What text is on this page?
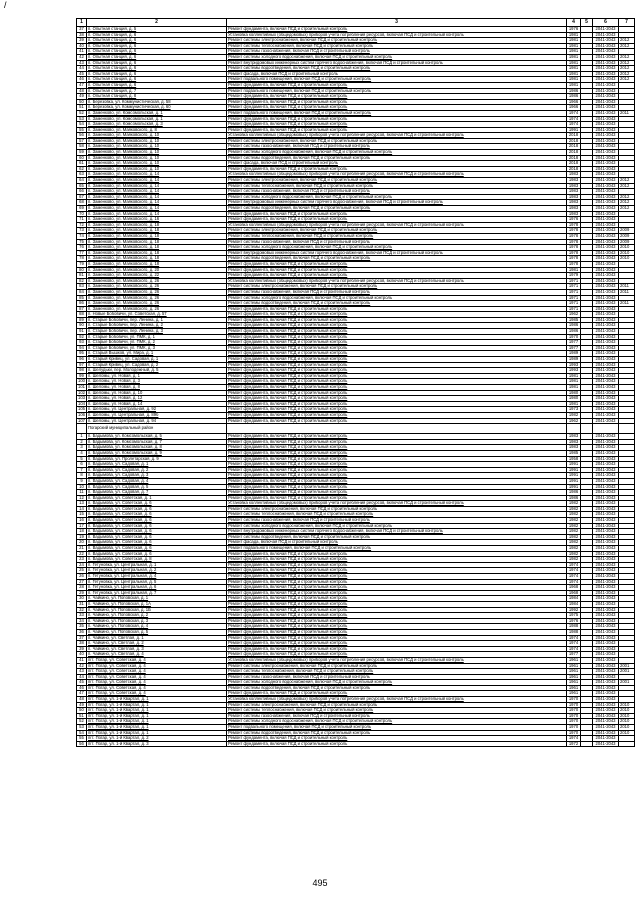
/
1	2	3	4	5	6	7
37	п. Опытная станция, д. 5	Ремонт фундамента, включая ПСД и строительный контроль	1976		2041-2043	
38	п. Опытная станция, д. 6	Установка коллективных (общедомовых) приборов учета потребления ресурсов, включая ПСД и строительный контроль	1981		2041-2043	
39	п. Опытная станция, д. 6	Ремонт системы электроснабжения, включая ПСД и строительный контроль	1981		2041-2043	2012
40	п. Опытная станция, д. 6	Ремонт системы теплоснабжения, включая ПСД и строительный контроль	1981		2041-2043	2012
41	п. Опытная станция, д. 6	Ремонт системы газоснабжения, включая ПСД и строительный контроль	1981		2041-2043	
42	п. Опытная станция, д. 6	Ремонт системы холодного водоснабжения, включая ПСД и строительный контроль	1981		2041-2043	2012
43	п. Опытная станция, д. 6	Ремонт внутридомовых инженерных систем горячего водоснабжения, включая ПСД и строительный контроль	1981		2041-2043	2012
44	п. Опытная станция, д. 6	Ремонт системы водоотведения, включая ПСД и строительный контроль	1981		2041-2043	2012
45	п. Опытная станция, д. 6	Ремонт фасада, включая ПСД и строительный контроль	1981		2041-2043	2012
46	п. Опытная станция, д. 6	Ремонт подвального помещения, включая ПСД и строительный контроль	1981		2041-2043	2012
47	п. Опытная станция, д. 6	Ремонт фундамента, включая ПСД и строительный контроль	1981		2041-2043	
48	п. Опытная станция, д. 7	Ремонт подвального помещения, включая ПСД и строительный контроль	1986		2041-2043	
49	п. Опытная станция, д. 8	Ремонт фундамента, включая ПСД и строительный контроль	1986		2041-2043	
50	п. Березовка, ул. Коммунистическая, д. 58	Ремонт фундамента, включая ПСД и строительный контроль	1966		2041-2043	
51	п. Березовка, ул. Коммунистическая, д. 60	Ремонт фундамента, включая ПСД и строительный контроль	1966		2041-2043	
52	п. Заменково, ул. Комсомольская, д. 1	Ремонт подвального помещения, включая ПСД и строительный контроль	1974		2041-2043	2011
53	п. Заменково, ул. Комсомольская, д. 1	Ремонт фундамента, включая ПСД и строительный контроль	1974		2041-2043	
54	п. Заменково, ул. Комсомольская, д. 3	Ремонт фундамента, включая ПСД и строительный контроль	1974		2041-2043	
55	п. Заменково, ул. Маяковского, д. 8	Ремонт фундамента, включая ПСД и строительный контроль	1991		2041-2043	
56	п. Заменково, ул. Маяковского, д. 10	Установка коллективных (общедомовых) приборов учета потребления ресурсов, включая ПСД и строительный контроль	2018		2041-2043	
57	п. Заменково, ул. Маяковского, д. 10	Ремонт системы электроснабжения, включая ПСД и строительный контроль	2018		2041-2043	
58	п. Заменково, ул. Маяковского, д. 10	Ремонт системы газоснабжения, включая ПСД и строительный контроль	2018		2041-2043	
59	п. Заменково, ул. Маяковского, д. 10	Ремонт системы холодного водоснабжения, включая ПСД и строительный контроль	2018		2041-2043	
60	п. Заменково, ул. Маяковского, д. 10	Ремонт системы водоотведения, включая ПСД и строительный контроль	2018		2041-2043	
61	п. Заменково, ул. Маяковского, д. 10	Ремонт фасада, включая ПСД и строительный контроль	2018		2041-2043	
62	п. Заменково, ул. Маяковского, д. 10	Ремонт фундамента, включая ПСД и строительный контроль	2018		2041-2043	
63	п. Заменково, ул. Маяковского, д. 14	Установка коллективных (общедомовых) приборов учета потребления ресурсов, включая ПСД и строительный контроль	1983		2041-2043	
64	п. Заменково, ул. Маяковского, д. 14	Ремонт системы электроснабжения, включая ПСД и строительный контроль	1983		2041-2043	2012
65	п. Заменково, ул. Маяковского, д. 14	Ремонт системы теплоснабжения, включая ПСД и строительный контроль	1983		2041-2043	2012
66	п. Заменково, ул. Маяковского, д. 14	Ремонт системы газоснабжения, включая ПСД и строительный контроль	1983		2041-2043	
67	п. Заменково, ул. Маяковского, д. 14	Ремонт системы холодного водоснабжения, включая ПСД и строительный контроль	1983		2041-2043	2012
68	п. Заменково, ул. Маяковского, д. 14	Ремонт внутридомовых инженерных систем горячего водоснабжения, включая ПСД и строительный контроль	1983		2041-2043	2012
69	п. Заменково, ул. Маяковского, д. 14	Ремонт системы водоотведения, включая ПСД и строительный контроль	1983		2041-2043	2012
70	п. Заменково, ул. Маяковского, д. 14	Ремонт фундамента, включая ПСД и строительный контроль	1983		2041-2043	
71	п. Заменково, ул. Маяковского, д. 16	Ремонт фундамента, включая ПСД и строительный контроль	1976		2041-2043	
72	п. Заменково, ул. Маяковского, д. 18	Установка коллективных (общедомовых) приборов учета потребления ресурсов, включая ПСД и строительный контроль	1978		2041-2043	
73	п. Заменково, ул. Маяковского, д. 18	Ремонт системы электроснабжения, включая ПСД и строительный контроль	1978		2041-2043	2009
74	п. Заменково, ул. Маяковского, д. 18	Ремонт системы теплоснабжения, включая ПСД и строительный контроль	1978		2041-2043	2009
75	п. Заменково, ул. Маяковского, д. 18	Ремонт системы газоснабжения, включая ПСД и строительный контроль	1978		2041-2043	2009
76	п. Заменково, ул. Маяковского, д. 18	Ремонт системы холодного водоснабжения, включая ПСД и строительный контроль	1978		2041-2043	2010
77	п. Заменково, ул. Маяковского, д. 18	Ремонт внутридомовых инженерных систем горячего водоснабжения, включая ПСД и строительный контроль	1978		2041-2043	2010
78	п. Заменково, ул. Маяковского, д. 18	Ремонт системы водоотведения, включая ПСД и строительный контроль	1978		2041-2043	2010
79	п. Заменково, ул. Маяковского, д. 18	Ремонт фундамента, включая ПСД и строительный контроль	1978		2041-2043	
80	п. Заменково, ул. Маяковского, д. 20	Ремонт фундамента, включая ПСД и строительный контроль	1981		2041-2043	
81	п. Заменково, ул. Маяковского, д. 22	Ремонт фундамента, включая ПСД и строительный контроль	1979		2041-2043	
82	п. Заменково, ул. Маяковского, д. 26	Установка коллективных (общедомовых) приборов учета потребления ресурсов, включая ПСД и строительный контроль	1971		2041-2043	
83	п. Заменково, ул. Маяковского, д. 26	Ремонт системы электроснабжения, включая ПСД и строительный контроль	1971		2041-2043	2011
84	п. Заменково, ул. Маяковского, д. 26	Ремонт системы газоснабжения, включая ПСД и строительный контроль	1971		2041-2043	2011
85	п. Заменково, ул. Маяковского, д. 26	Ремонт системы холодного водоснабжения, включая ПСД и строительный контроль	1971		2041-2043	
86	п. Заменково, ул. Маяковского, д. 26	Ремонт системы водоотведения, включая ПСД и строительный контроль	1971		2041-2043	2011
87	п. Заменково, ул. Маяковского, д. 26	Ремонт фундамента, включая ПСД и строительный контроль	1971		2041-2043	
88	п. Новые Бобовичи, ул. Советская, д. 57	Ремонт фундамента, включая ПСД и строительный контроль	1962		2041-2043	
89	п. Старые Бобовичи, пер. Ленина, д. 1	Ремонт фундамента, включая ПСД и строительный контроль	1985		2041-2043	
90	п. Старые Бобовичи, пер. Ленина, д. 2	Ремонт фундамента, включая ПСД и строительный контроль	1986		2041-2043	
91	п. Старые Бобовичи, пер. Ленина, д. 3	Ремонт фундамента, включая ПСД и строительный контроль	1986		2041-2043	
92	п. Старые Бобовичи, ул. ПМК, д. 1	Ремонт фундамента, включая ПСД и строительный контроль	1970		2041-2043	
93	п. Старые Бобовичи, ул. ПМК, д. 2	Ремонт фундамента, включая ПСД и строительный контроль	1977		2041-2043	
94	п. Старые Бобовичи, ул. ПМК, д. 3	Ремонт фундамента, включая ПСД и строительный контроль	1977		2041-2043	
95	п. Старый Вышков, ул. Мира, д. 1	Ремонт фундамента, включая ПСД и строительный контроль	1989		2041-2043	
96	п. Старый Кривец, ул. Садовая, д. 1	Ремонт фундамента, включая ПСД и строительный контроль	1989		2041-2043	
97	п. Старый Кривец, ул. Садовая, д. 2	Ремонт фундамента, включая ПСД и строительный контроль	1993		2041-2043	
98	п. Шелудьки, пер. Молодежный, д. 5	Ремонт фундамента, включая ПСД и строительный контроль	1993		2041-2043	
99	п. Шеломы, ул. Новая, д. 1	Ремонт фундамента, включая ПСД и строительный контроль	1981		2041-2043	
100	п. Шеломы, ул. Новая, д. 3	Ремонт фундамента, включая ПСД и строительный контроль	1981		2041-2043	
101	п. Шеломы, ул. Новая, д. 8	Ремонт фундамента, включая ПСД и строительный контроль	1981		2041-2043	
102	п. Шеломы, ул. Новая, д. 10	Ремонт фундамента, включая ПСД и строительный контроль	1980		2041-2043	
103	п. Шеломы, ул. Новая, д. 12	Ремонт фундамента, включая ПСД и строительный контроль	1980		2041-2043	
104	п. Шеломы, ул. Новая, д. 14	Ремонт фундамента, включая ПСД и строительный контроль	1981		2041-2043	
105	п. Шеломы, ул. Центральная, д. 92	Ремонт фундамента, включая ПСД и строительный контроль	1973		2041-2043	
106	п. Шеломы, ул. Центральная, д. 89б	Ремонт фундамента, включая ПСД и строительный контроль	1982		2041-2043	
107	п. Шеломы, ул. Центральная, д. 94	Ремонт фундамента, включая ПСД и строительный контроль	1962		2041-2043	
	Погарский муниципальный район					
1	п. Бадымова, ул. Комсомольская, д. 5	Ремонт фундамента, включая ПСД и строительный контроль	1983		2041-2043	
2	п. Бадымова, ул. Комсомольская, д. 7	Ремонт фундамента, включая ПСД и строительный контроль	1983		2041-2043	
3	п. Бадымова, ул. Комсомольская, д. 8	Ремонт фундамента, включая ПСД и строительный контроль	1983		2041-2043	
4	п. Бадымова, ул. Комсомольская, д. 9	Ремонт фундамента, включая ПСД и строительный контроль	1985		2041-2043	
5	п. Вадымова, ул. Пролетарская, д. 9	Ремонт фундамента, включая ПСД и строительный контроль	1958		2041-2043	
6	п. Вадымова, ул. Садовая, д. 1	Ремонт фундамента, включая ПСД и строительный контроль	1991		2041-2043	
7	п. Вадымова, ул. Садовая, д. 2	Ремонт фундамента, включая ПСД и строительный контроль	1991		2041-2043	
8	п. Вадымова, ул. Садовая, д. 3	Ремонт фундамента, включая ПСД и строительный контроль	1991		2041-2043	
9	п. Вадымова, ул. Садовая, д. 4	Ремонт фундамента, включая ПСД и строительный контроль	1991		2041-2043	
10	п. Вадымова, ул. Садовая, д. 5	Ремонт фундамента, включая ПСД и строительный контроль	1991		2041-2043	
11	п. Вадымова, ул. Садовая, д. 7	Ремонт фундамента, включая ПСД и строительный контроль	1986		2041-2043	
12	п. Вадымова, ул. Советская, д. 1	Ремонт фундамента, включая ПСД и строительный контроль	1986		2041-2043	
13	п. Вадымова, ул. Советская, д. 6	Установка коллективных (общедомовых) приборов учета потребления ресурсов, включая ПСД и строительный контроль	1982		2041-2043	
14	п. Вадымова, ул. Советская, д. 6	Ремонт системы электроснабжения, включая ПСД и строительный контроль	1982		2041-2043	
15	п. Вадымова, ул. Советская, д. 6	Ремонт системы теплоснабжения, включая ПСД и строительный контроль	1982		2041-2043	
16	п. Вадымова, ул. Советская, д. 6	Ремонт системы газоснабжения, включая ПСД и строительный контроль	1982		2041-2043	
17	п. Вадымова, ул. Советская, д. 6	Ремонт системы холодного водоснабжения, включая ПСД и строительный контроль	1982		2041-2043	
18	п. Вадымова, ул. Советская, д. 6	Ремонт внутридомовых инженерных систем горячего водоснабжения, включая ПСД и строительный контроль	1982		2041-2043	
19	п. Вадымова, ул. Советская, д. 6	Ремонт системы водоотведения, включая ПСД и строительный контроль	1982		2041-2043	
20	п. Вадымова, ул. Советская, д. 6	Ремонт фасада, включая ПСД и строительный контроль	1982		2041-2043	
21	п. Вадымова, ул. Советская, д. 6	Ремонт подвального помещения, включая ПСД и строительный контроль	1982		2041-2043	
22	п. Вадымова, ул. Советская, д. 6	Ремонт фундамента, включая ПСД и строительный контроль	1982		2041-2043	
23	п. Вадымова, ул. Советская, д. 8	Ремонт фундамента, включая ПСД и строительный контроль	1982		2041-2043	
24	п. Гетуновка, ул. Центральная, д. 1	Ремонт фундамента, включая ПСД и строительный контроль	1974		2041-2043	
25	п. Гетуновка, ул. Центральная, д. 2	Ремонт фундамента, включая ПСД и строительный контроль	1974		2041-2043	
26	п. Гетуновка, ул. Центральная, д. 4	Ремонт фундамента, включая ПСД и строительный контроль	1974		2041-2043	
27	п. Гетуновка, ул. Центральная, д. 5	Ремонт фундамента, включая ПСД и строительный контроль	1974		2041-2043	
28	п. Гетуновка, ул. Центральная, д. 6	Ремонт фундамента, включая ПСД и строительный контроль	1968		2041-2043	
29	п. Гетуновка, ул. Центральная, д. 7	Ремонт фундамента, включая ПСД и строительный контроль	1968		2041-2043	
30	п. Чайкино, ул. Поповская, д. 1	Ремонт фундамента, включая ПСД и строительный контроль	1984		2041-2043	
31	п. Чайкино, ул. Поповская, д. 1А	Ремонт фундамента, включая ПСД и строительный контроль	1984		2041-2043	
32	п. Чайкино, ул. Поповская, д. 1Б	Ремонт фундамента, включая ПСД и строительный контроль	1992		2041-2043	
33	п. Чайкино, ул. Поповская, д. 2	Ремонт фундамента, включая ПСД и строительный контроль	1975		2041-2043	
34	п. Чайкино, ул. Поповская, д. 3	Ремонт фундамента, включая ПСД и строительный контроль	1976		2041-2043	
35	п. Чайкино, ул. Поповская, д. 4	Ремонт фундамента, включая ПСД и строительный контроль	1988		2041-2043	
36	п. Чайкино, ул. Поповская, д. 5	Ремонт фундамента, включая ПСД и строительный контроль	1988		2041-2043	
37	п. Чайкино, ул. Светлая, д. 1	Ремонт фундамента, включая ПСД и строительный контроль	1974		2041-2043	
38	п. Чайкино, ул. Светлая, д. 2	Ремонт фундамента, включая ПСД и строительный контроль	1974		2041-2043	
39	п. Чайкино, ул. Светлая, д. 3	Ремонт фундамента, включая ПСД и строительный контроль	1974		2041-2043	
40	п. Чайкино, ул. Светлая, д. 4	Ремонт фундамента, включая ПСД и строительный контроль	1977		2041-2043	
41	пгт. Погар, ул. Советская, д. 4	Установка коллективных (общедомовых) приборов учета потребления ресурсов, включая ПСД и строительный контроль	1961		2041-2043	
42	пгт. Погар, ул. Советская, д. 4	Ремонт системы электроснабжения, включая ПСД и строительный контроль	1961		2041-2043	2001
43	пгт. Погар, ул. Советская, д. 4	Ремонт системы теплоснабжения, включая ПСД и строительный контроль	1961		2041-2043	2001
44	пгт. Погар, ул. Советская, д. 4	Ремонт системы газоснабжения, включая ПСД и строительный контроль	1961		2041-2043	
45	пгт. Погар, ул. Советская, д. 4	Ремонт системы холодного водоснабжения, включая ПСД и строительный контроль	1961		2041-2043	2001
46	пгт. Погар, ул. Советская, д. 4	Ремонт системы водоотведения, включая ПСД и строительный контроль	1961		2041-2043	
47	пгт. Погар, ул. Советская, д. 4	Ремонт фундамента, включая ПСД и строительный контроль	1961		2041-2043	
48	пгт. Погар, ул. 1-й Квартал, д. 1	Установка коллективных (общедомовых) приборов учета потребления ресурсов, включая ПСД и строительный контроль	1970		2041-2043	
49	пгт. Погар, ул. 1-й Квартал, д. 1	Ремонт системы электроснабжения, включая ПСД и строительный контроль	1970		2041-2043	2010
50	пгт. Погар, ул. 1-й Квартал, д. 1	Ремонт системы теплоснабжения, включая ПСД и строительный контроль	1970		2041-2043	2010
51	пгт. Погар, ул. 1-й Квартал, д. 1	Ремонт системы газоснабжения, включая ПСД и строительный контроль	1970		2041-2043	2010
52	пгт. Погар, ул. 1-й Квартал, д. 1	Ремонт системы холодного водоснабжения, включая ПСД и строительный контроль	1970		2041-2043	2010
53	пгт. Погар, ул. 1-й Квартал, д. 1	Ремонт подвального помещения, включая ПСД и строительный контроль	1970		2041-2043	2010
54	пгт. Погар, ул. 1-й Квартал, д. 1	Ремонт системы водоотведения, включая ПСД и строительный контроль	1970		2041-2043	2010
55	пгт. Погар, ул. 1-й Квартал, д. 2	Ремонт фундамента, включая ПСД и строительный контроль	1974		2041-2043	
56	пгт. Погар, ул. 1-й Квартал, д. 3	Ремонт фундамента, включая ПСД и строительный контроль	1972		2041-2043	
495
